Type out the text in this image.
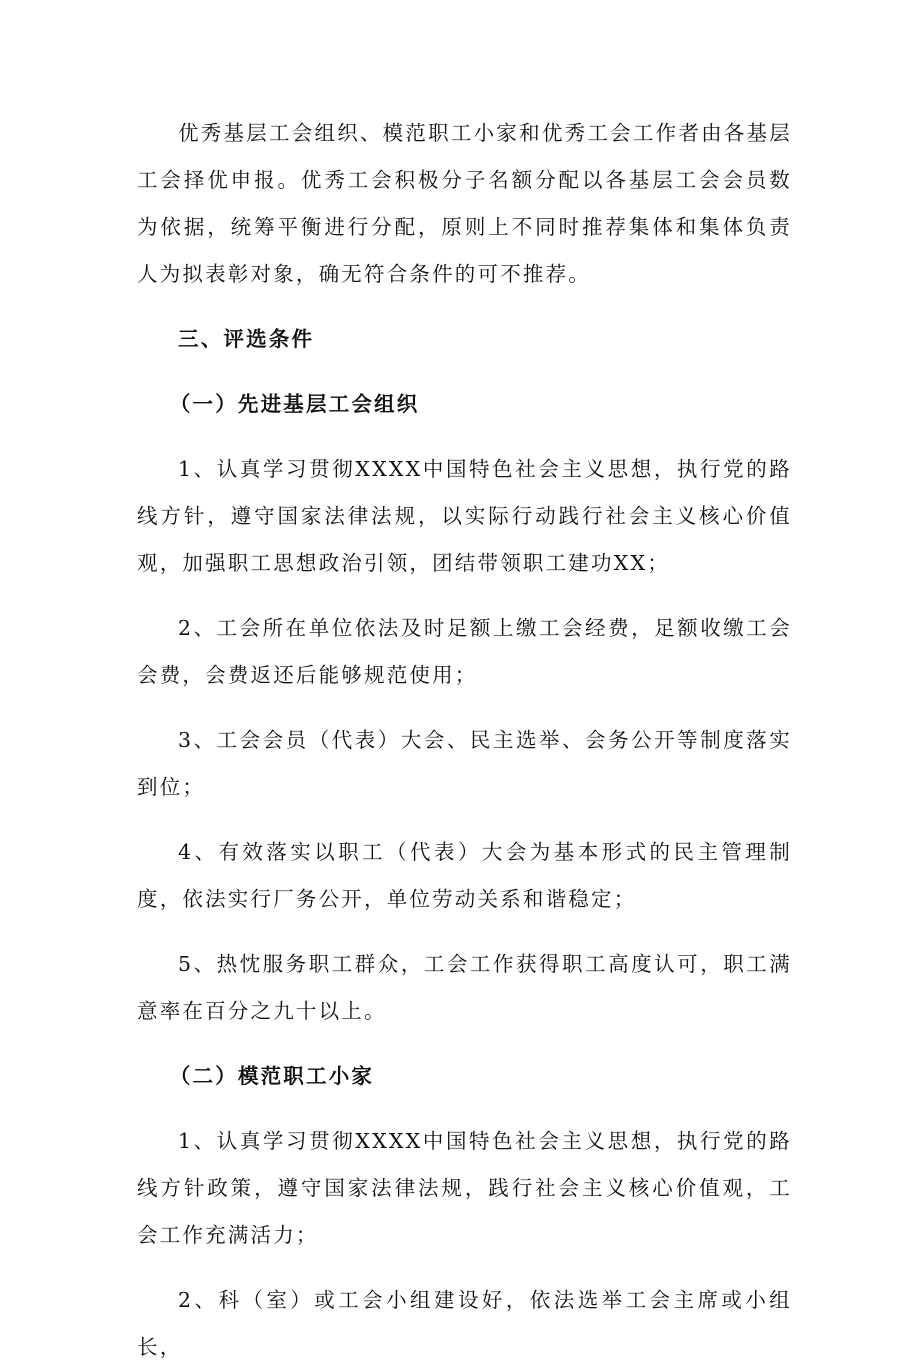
优秀基层工会组织、模范职工小家和优秀工会工作者由各基层工会择优申报。优秀工会积极分子名额分配以各基层工会会员数为依据，统筹平衡进行分配，原则上不同时推荐集体和集体负责人为拟表彰对象，确无符合条件的可不推荐。

三、评选条件

（一）先进基层工会组织

1、认真学习贯彻XXXX中国特色社会主义思想，执行党的路线方针，遵守国家法律法规，以实际行动践行社会主义核心价值观，加强职工思想政治引领，团结带领职工建功XX；

2、工会所在单位依法及时足额上缴工会经费，足额收缴工会会费，会费返还后能够规范使用；

3、工会会员（代表）大会、民主选举、会务公开等制度落实到位；

4、有效落实以职工（代表）大会为基本形式的民主管理制度，依法实行厂务公开，单位劳动关系和谐稳定；

5、热忱服务职工群众，工会工作获得职工高度认可，职工满意率在百分之九十以上。

（二）模范职工小家

1、认真学习贯彻XXXX中国特色社会主义思想，执行党的路线方针政策，遵守国家法律法规，践行社会主义核心价值观，工会工作充满活力；

2、科（室）或工会小组建设好，依法选举工会主席或小组长，
